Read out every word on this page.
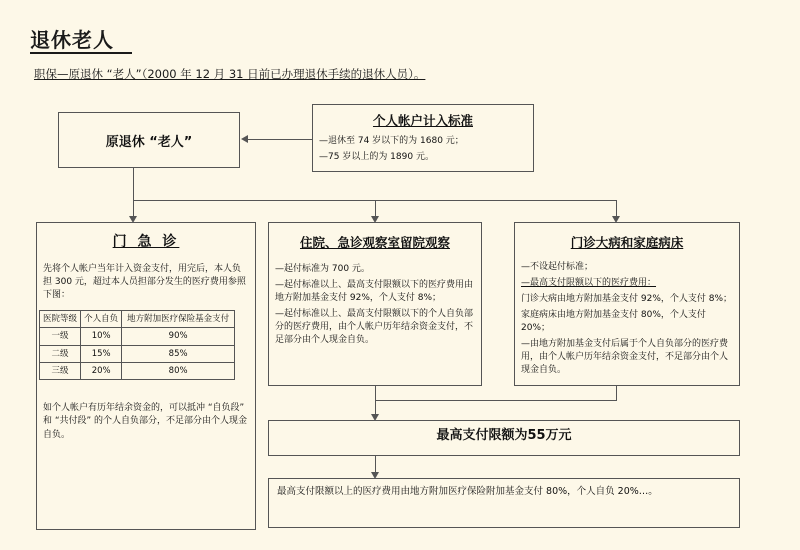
退休老人
职保—原退休 “老人”（2000 年 12 月 31 日前已办理退休手续的退休人员）。
原退休 “老人”
个人帐户计入标准

—退休至 74 岁以下的为 1680 元；

—75 岁以上的为 1890 元。

门 急 诊
先将个人帐户当年计入资金支付，用完后，本人负担 300 元，超过本人员担部分发生的医疗费用参照下图：
医院等级	个人自负	地方附加医疗保险基金支付
一级	10%	90%
二级	15%	85%
三级	20%	80%
如个人帐户有历年结余资金的，可以抵冲 “自负段” 和 “共付段” 的个人自负部分，不足部分由个人现金自负。
住院、急诊观察室留院观察

—起付标准为 700 元。

—起付标准以上、最高支付限额以下的医疗费用由地方附加基金支付 92%，个人支付 8%；

—起付标准以上、最高支付限额以下的个人自负部分的医疗费用，由个人帐户历年结余资金支付，不足部分由个人现金自负。

门诊大病和家庭病床

—不设起付标准；

—最高支付限额以下的医疗费用：

门诊大病由地方附加基金支付 92%，个人支付 8%；

家庭病床由地方附加基金支付 80%，个人支付 20%；

—由地方附加基金支付后属于个人自负部分的医疗费用，由个人帐户历年结余资金支付，不足部分由个人现金自负。

最高支付限额为55万元
最高支付限额以上的医疗费用由地方附加医疗保险附加基金支付 80%，个人自负 20%…。
